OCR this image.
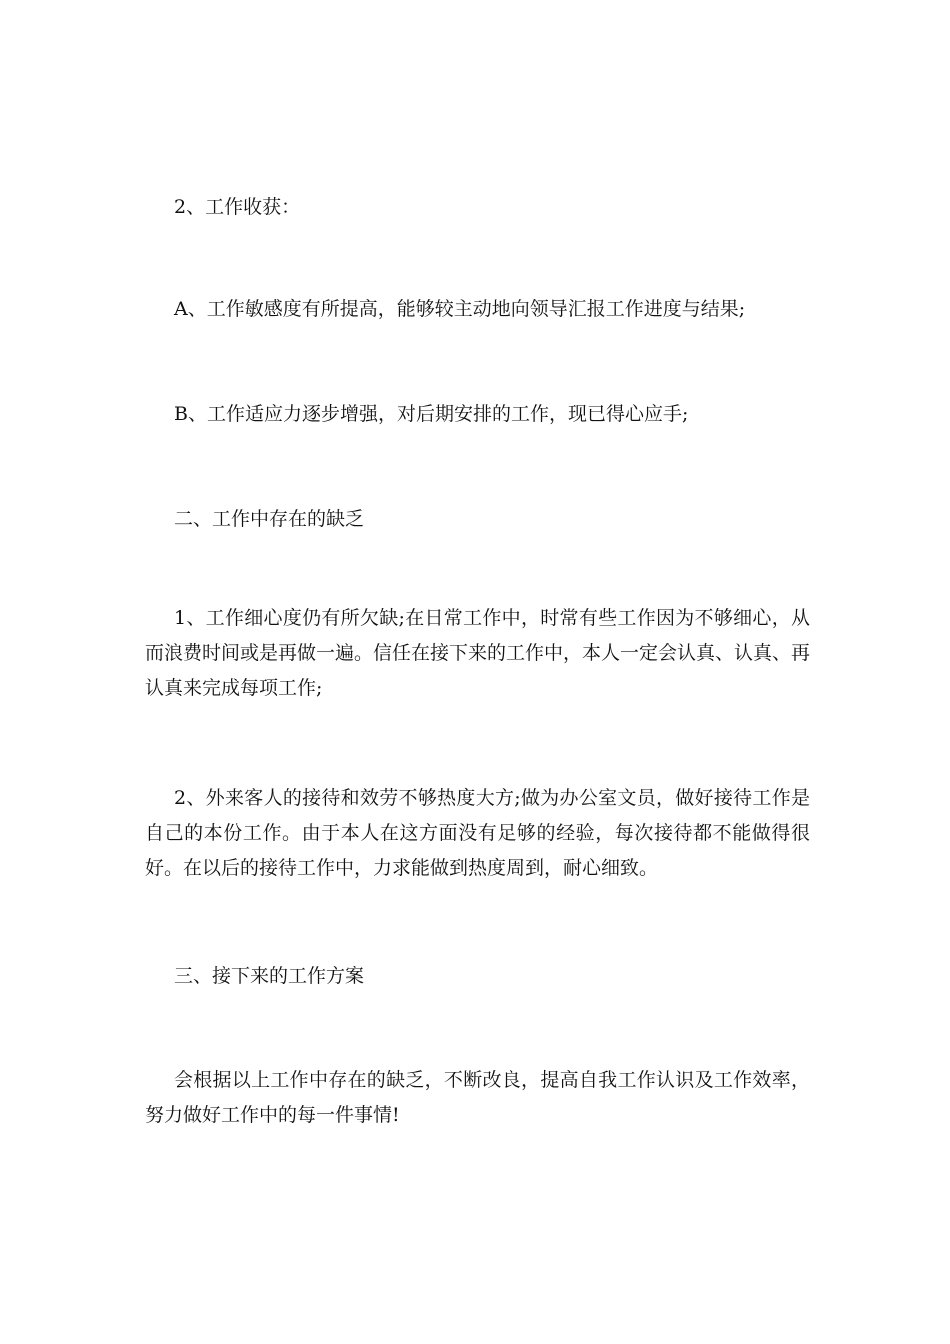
2、工作收获：

A、工作敏感度有所提高，能够较主动地向领导汇报工作进度与结果;

B、工作适应力逐步增强，对后期安排的工作，现已得心应手;

二、工作中存在的缺乏

1、工作细心度仍有所欠缺;在日常工作中，时常有些工作因为不够细心，从而浪费时间或是再做一遍。信任在接下来的工作中，本人一定会认真、认真、再认真来完成每项工作;

2、外来客人的接待和效劳不够热度大方;做为办公室文员，做好接待工作是自己的本份工作。由于本人在这方面没有足够的经验，每次接待都不能做得很好。在以后的接待工作中，力求能做到热度周到，耐心细致。

三、接下来的工作方案

会根据以上工作中存在的缺乏，不断改良，提高自我工作认识及工作效率，努力做好工作中的每一件事情!
